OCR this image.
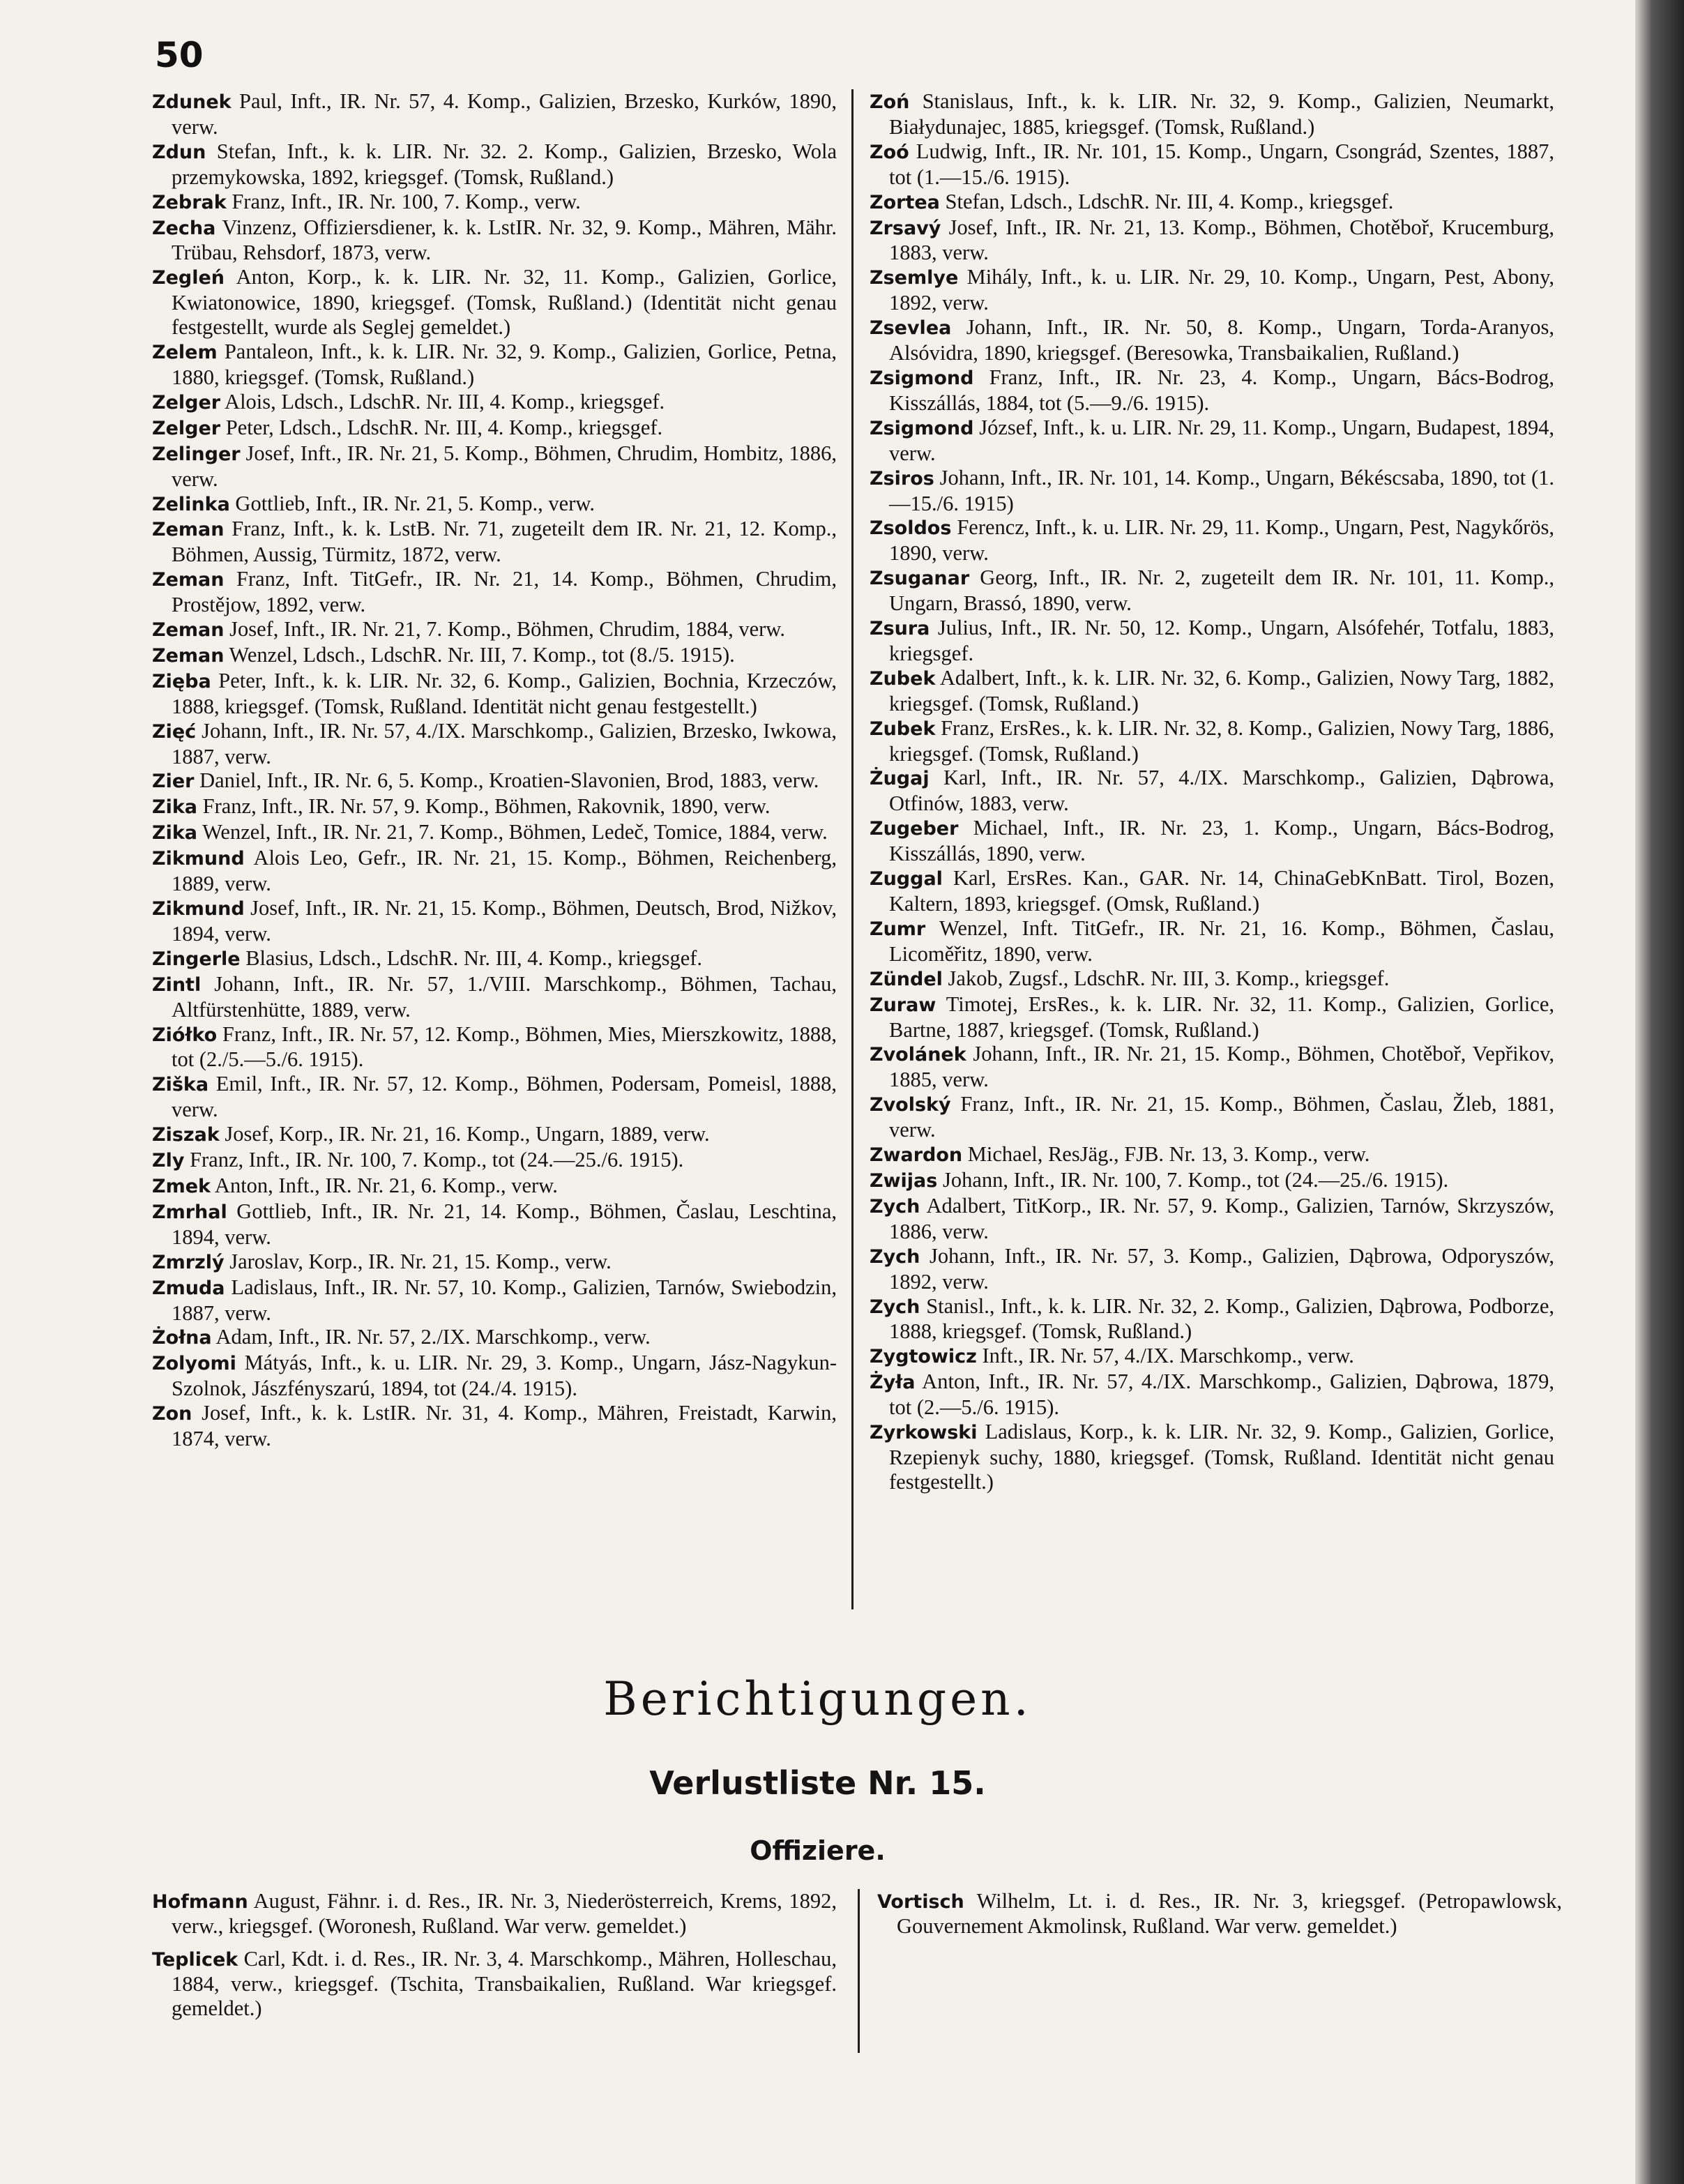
50

Zdunek Paul, Inft., IR. Nr. 57, 4. Komp., Galizien, Brzesko, Kurków, 1890, verw.

Zdun Stefan, Inft., k. k. LIR. Nr. 32. 2. Komp., Galizien, Brzesko, Wola przemykowska, 1892, kriegsgef. (Tomsk, Rußland.)

Zebrak Franz, Inft., IR. Nr. 100, 7. Komp., verw.

Zecha Vinzenz, Offiziersdiener, k. k. LstIR. Nr. 32, 9. Komp., Mähren, Mähr. Trübau, Rehsdorf, 1873, verw.

Zegleń Anton, Korp., k. k. LIR. Nr. 32, 11. Komp., Galizien, Gorlice, Kwiatonowice, 1890, kriegsgef. (Tomsk, Rußland.) (Identität nicht genau festgestellt, wurde als Seglej gemeldet.)

Zelem Pantaleon, Inft., k. k. LIR. Nr. 32, 9. Komp., Galizien, Gorlice, Petna, 1880, kriegsgef. (Tomsk, Rußland.)

Zelger Alois, Ldsch., LdschR. Nr. III, 4. Komp., kriegsgef.

Zelger Peter, Ldsch., LdschR. Nr. III, 4. Komp., kriegsgef.

Zelinger Josef, Inft., IR. Nr. 21, 5. Komp., Böhmen, Chrudim, Hombitz, 1886, verw.

Zelinka Gottlieb, Inft., IR. Nr. 21, 5. Komp., verw.

Zeman Franz, Inft., k. k. LstB. Nr. 71, zugeteilt dem IR. Nr. 21, 12. Komp., Böhmen, Aussig, Türmitz, 1872, verw.

Zeman Franz, Inft. TitGefr., IR. Nr. 21, 14. Komp., Böhmen, Chrudim, Prostějow, 1892, verw.

Zeman Josef, Inft., IR. Nr. 21, 7. Komp., Böhmen, Chrudim, 1884, verw.

Zeman Wenzel, Ldsch., LdschR. Nr. III, 7. Komp., tot (8./5. 1915).

Zięba Peter, Inft., k. k. LIR. Nr. 32, 6. Komp., Galizien, Bochnia, Krzeczów, 1888, kriegsgef. (Tomsk, Rußland. Identität nicht genau festgestellt.)

Zięć Johann, Inft., IR. Nr. 57, 4./IX. Marschkomp., Galizien, Brzesko, Iwkowa, 1887, verw.

Zier Daniel, Inft., IR. Nr. 6, 5. Komp., Kroatien-Slavonien, Brod, 1883, verw.

Zika Franz, Inft., IR. Nr. 57, 9. Komp., Böhmen, Rakovnik, 1890, verw.

Zika Wenzel, Inft., IR. Nr. 21, 7. Komp., Böhmen, Ledeč, Tomice, 1884, verw.

Zikmund Alois Leo, Gefr., IR. Nr. 21, 15. Komp., Böhmen, Reichenberg, 1889, verw.

Zikmund Josef, Inft., IR. Nr. 21, 15. Komp., Böhmen, Deutsch, Brod, Nižkov, 1894, verw.

Zingerle Blasius, Ldsch., LdschR. Nr. III, 4. Komp., kriegsgef.

Zintl Johann, Inft., IR. Nr. 57, 1./VIII. Marschkomp., Böhmen, Tachau, Altfürstenhütte, 1889, verw.

Ziółko Franz, Inft., IR. Nr. 57, 12. Komp., Böhmen, Mies, Mierszkowitz, 1888, tot (2./5.—5./6. 1915).

Ziška Emil, Inft., IR. Nr. 57, 12. Komp., Böhmen, Podersam, Pomeisl, 1888, verw.

Ziszak Josef, Korp., IR. Nr. 21, 16. Komp., Ungarn, 1889, verw.

Zly Franz, Inft., IR. Nr. 100, 7. Komp., tot (24.—25./6. 1915).

Zmek Anton, Inft., IR. Nr. 21, 6. Komp., verw.

Zmrhal Gottlieb, Inft., IR. Nr. 21, 14. Komp., Böhmen, Časlau, Leschtina, 1894, verw.

Zmrzlý Jaroslav, Korp., IR. Nr. 21, 15. Komp., verw.

Zmuda Ladislaus, Inft., IR. Nr. 57, 10. Komp., Galizien, Tarnów, Swiebodzin, 1887, verw.

Żołna Adam, Inft., IR. Nr. 57, 2./IX. Marschkomp., verw.

Zolyomi Mátyás, Inft., k. u. LIR. Nr. 29, 3. Komp., Ungarn, Jász-Nagykun-Szolnok, Jászfényszarú, 1894, tot (24./4. 1915).

Zon Josef, Inft., k. k. LstIR. Nr. 31, 4. Komp., Mähren, Freistadt, Karwin, 1874, verw.

Zoń Stanislaus, Inft., k. k. LIR. Nr. 32, 9. Komp., Galizien, Neumarkt, Białydunajec, 1885, kriegsgef. (Tomsk, Rußland.)

Zoó Ludwig, Inft., IR. Nr. 101, 15. Komp., Ungarn, Csongrád, Szentes, 1887, tot (1.—15./6. 1915).

Zortea Stefan, Ldsch., LdschR. Nr. III, 4. Komp., kriegsgef.

Zrsavý Josef, Inft., IR. Nr. 21, 13. Komp., Böhmen, Chotěboř, Krucemburg, 1883, verw.

Zsemlye Mihály, Inft., k. u. LIR. Nr. 29, 10. Komp., Ungarn, Pest, Abony, 1892, verw.

Zsevlea Johann, Inft., IR. Nr. 50, 8. Komp., Ungarn, Torda-Aranyos, Alsóvidra, 1890, kriegsgef. (Beresowka, Transbaikalien, Rußland.)

Zsigmond Franz, Inft., IR. Nr. 23, 4. Komp., Ungarn, Bács-Bodrog, Kisszállás, 1884, tot (5.—9./6. 1915).

Zsigmond József, Inft., k. u. LIR. Nr. 29, 11. Komp., Ungarn, Budapest, 1894, verw.

Zsiros Johann, Inft., IR. Nr. 101, 14. Komp., Ungarn, Békéscsaba, 1890, tot (1.—15./6. 1915)

Zsoldos Ferencz, Inft., k. u. LIR. Nr. 29, 11. Komp., Ungarn, Pest, Nagykőrös, 1890, verw.

Zsuganar Georg, Inft., IR. Nr. 2, zugeteilt dem IR. Nr. 101, 11. Komp., Ungarn, Brassó, 1890, verw.

Zsura Julius, Inft., IR. Nr. 50, 12. Komp., Ungarn, Alsófehér, Totfalu, 1883, kriegsgef.

Zubek Adalbert, Inft., k. k. LIR. Nr. 32, 6. Komp., Galizien, Nowy Targ, 1882, kriegsgef. (Tomsk, Rußland.)

Zubek Franz, ErsRes., k. k. LIR. Nr. 32, 8. Komp., Galizien, Nowy Targ, 1886, kriegsgef. (Tomsk, Rußland.)

Żugaj Karl, Inft., IR. Nr. 57, 4./IX. Marschkomp., Galizien, Dąbrowa, Otfinów, 1883, verw.

Zugeber Michael, Inft., IR. Nr. 23, 1. Komp., Ungarn, Bács-Bodrog, Kisszállás, 1890, verw.

Zuggal Karl, ErsRes. Kan., GAR. Nr. 14, ChinaGebKnBatt. Tirol, Bozen, Kaltern, 1893, kriegsgef. (Omsk, Rußland.)

Zumr Wenzel, Inft. TitGefr., IR. Nr. 21, 16. Komp., Böhmen, Časlau, Licoměřitz, 1890, verw.

Zündel Jakob, Zugsf., LdschR. Nr. III, 3. Komp., kriegsgef.

Zuraw Timotej, ErsRes., k. k. LIR. Nr. 32, 11. Komp., Galizien, Gorlice, Bartne, 1887, kriegsgef. (Tomsk, Rußland.)

Zvolánek Johann, Inft., IR. Nr. 21, 15. Komp., Böhmen, Chotěboř, Vepřikov, 1885, verw.

Zvolský Franz, Inft., IR. Nr. 21, 15. Komp., Böhmen, Časlau, Žleb, 1881, verw.

Zwardon Michael, ResJäg., FJB. Nr. 13, 3. Komp., verw.

Zwijas Johann, Inft., IR. Nr. 100, 7. Komp., tot (24.—25./6. 1915).

Zych Adalbert, TitKorp., IR. Nr. 57, 9. Komp., Galizien, Tarnów, Skrzyszów, 1886, verw.

Zych Johann, Inft., IR. Nr. 57, 3. Komp., Galizien, Dąbrowa, Odporyszów, 1892, verw.

Zych Stanisl., Inft., k. k. LIR. Nr. 32, 2. Komp., Galizien, Dąbrowa, Podborze, 1888, kriegsgef. (Tomsk, Rußland.)

Zygtowicz Inft., IR. Nr. 57, 4./IX. Marschkomp., verw.

Żyła Anton, Inft., IR. Nr. 57, 4./IX. Marschkomp., Galizien, Dąbrowa, 1879, tot (2.—5./6. 1915).

Zyrkowski Ladislaus, Korp., k. k. LIR. Nr. 32, 9. Komp., Galizien, Gorlice, Rzepienyk suchy, 1880, kriegsgef. (Tomsk, Rußland. Identität nicht genau festgestellt.)

Berichtigungen.
Verlustliste Nr. 15.
Offiziere.

Hofmann August, Fähnr. i. d. Res., IR. Nr. 3, Niederösterreich, Krems, 1892, verw., kriegsgef. (Woronesh, Rußland. War verw. gemeldet.)

Teplicek Carl, Kdt. i. d. Res., IR. Nr. 3, 4. Marschkomp., Mähren, Holleschau, 1884, verw., kriegsgef. (Tschita, Transbaikalien, Rußland. War kriegsgef. gemeldet.)

Vortisch Wilhelm, Lt. i. d. Res., IR. Nr. 3, kriegsgef. (Petropawlowsk, Gouvernement Akmolinsk, Rußland. War verw. gemeldet.)
